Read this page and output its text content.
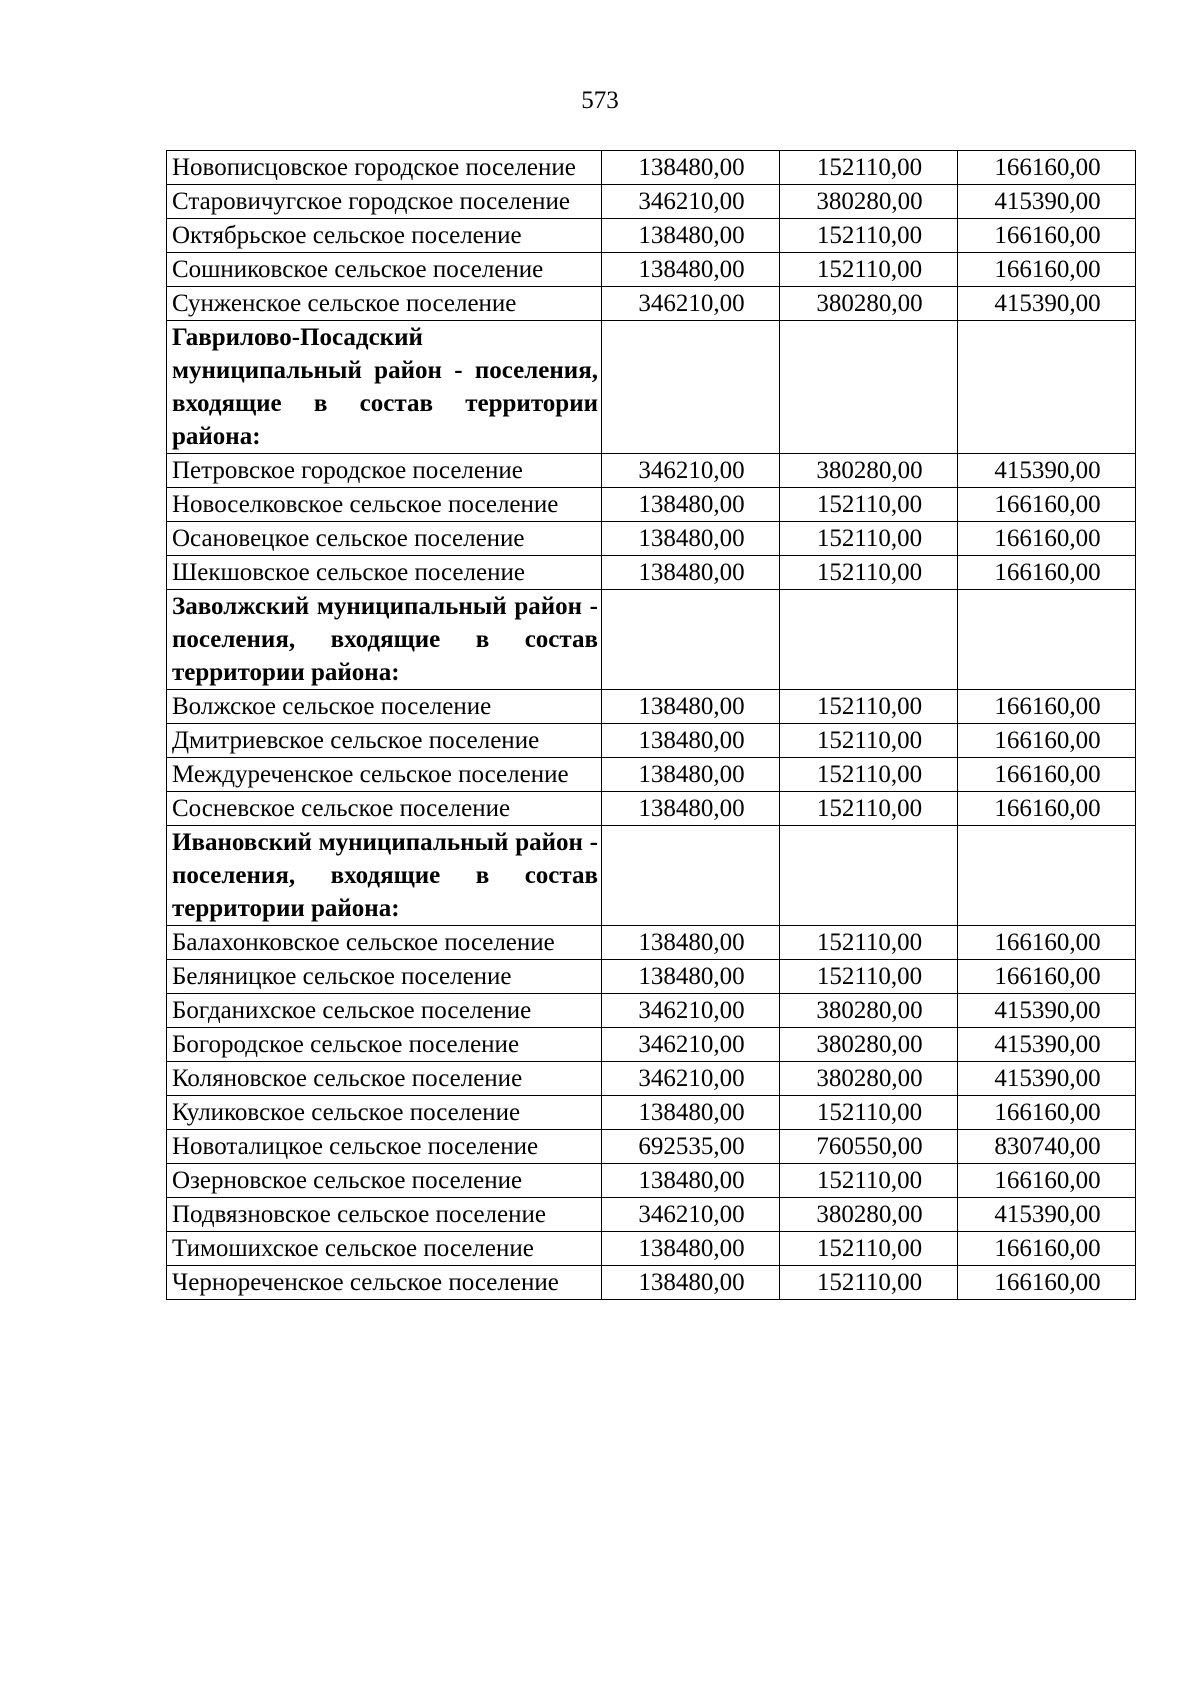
573
Новописцовское городское поселение	138480,00	152110,00	166160,00
Старовичугское городское поселение	346210,00	380280,00	415390,00
Октябрьское сельское поселение	138480,00	152110,00	166160,00
Сошниковское сельское поселение	138480,00	152110,00	166160,00
Сунженское сельское поселение	346210,00	380280,00	415390,00
Гаврилово-Посадский муниципальный район - поселения, входящие в состав территории района:			
Петровское городское поселение	346210,00	380280,00	415390,00
Новоселковское сельское поселение	138480,00	152110,00	166160,00
Осановецкое сельское поселение	138480,00	152110,00	166160,00
Шекшовское сельское поселение	138480,00	152110,00	166160,00
Заволжский муниципальный район - поселения, входящие в состав территории района:			
Волжское сельское поселение	138480,00	152110,00	166160,00
Дмитриевское сельское поселение	138480,00	152110,00	166160,00
Междуреченское сельское поселение	138480,00	152110,00	166160,00
Сосневское сельское поселение	138480,00	152110,00	166160,00
Ивановский муниципальный район - поселения, входящие в состав территории района:			
Балахонковское сельское поселение	138480,00	152110,00	166160,00
Беляницкое сельское поселение	138480,00	152110,00	166160,00
Богданихское сельское поселение	346210,00	380280,00	415390,00
Богородское сельское поселение	346210,00	380280,00	415390,00
Коляновское сельское поселение	346210,00	380280,00	415390,00
Куликовское сельское поселение	138480,00	152110,00	166160,00
Новоталицкое сельское поселение	692535,00	760550,00	830740,00
Озерновское сельское поселение	138480,00	152110,00	166160,00
Подвязновское сельское поселение	346210,00	380280,00	415390,00
Тимошихское сельское поселение	138480,00	152110,00	166160,00
Чернореченское сельское поселение	138480,00	152110,00	166160,00
